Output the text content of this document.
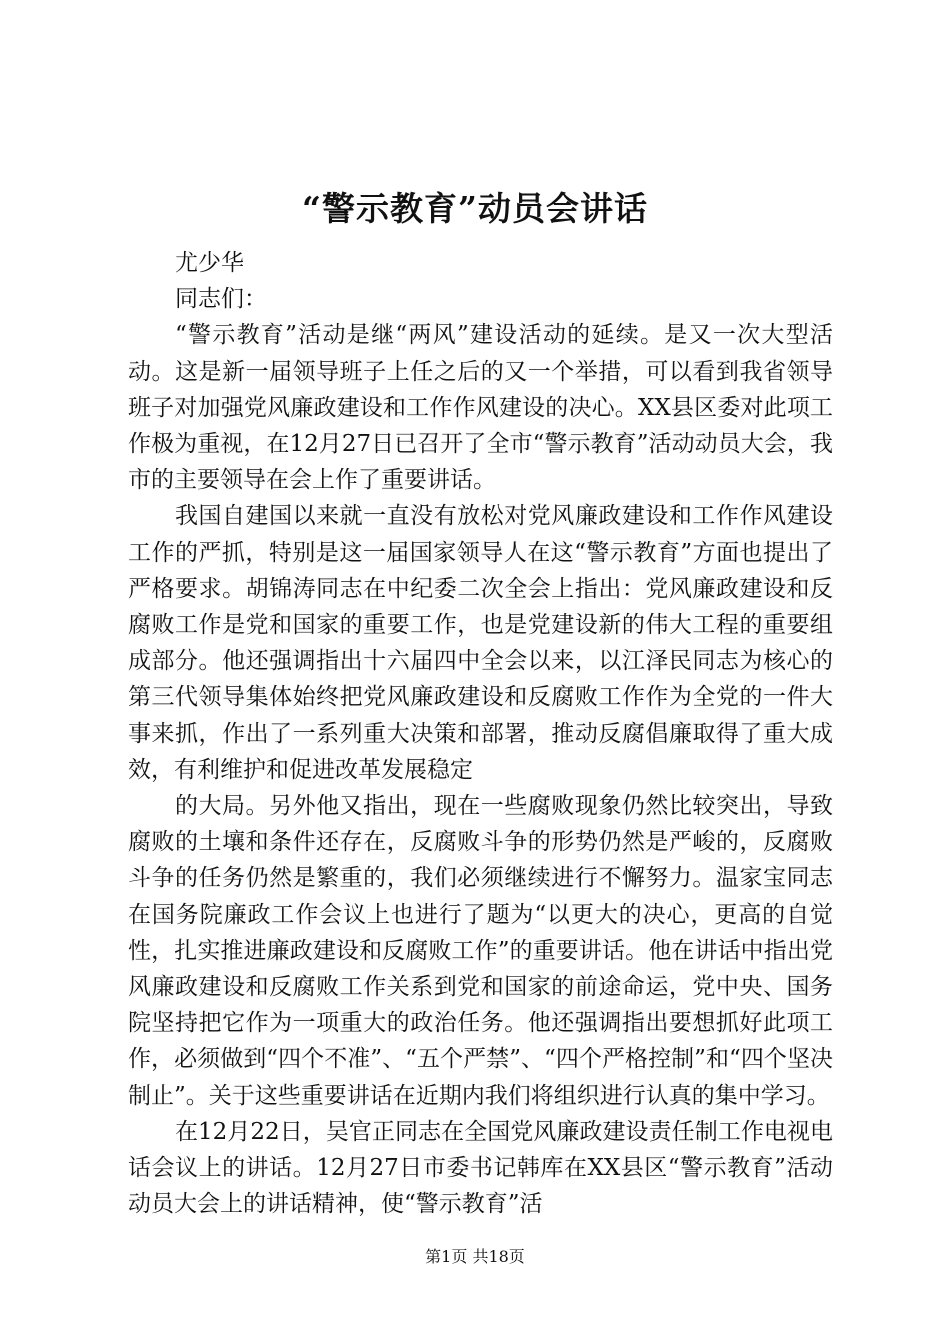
“警示教育”动员会讲话

尤少华

同志们：

“警示教育”活动是继“两风”建设活动的延续。是又一次大型活动。这是新一届领导班子上任之后的又一个举措，可以看到我省领导班子对加强党风廉政建设和工作作风建设的决心。XX县区委对此项工作极为重视，在12月27日已召开了全市“警示教育”活动动员大会，我市的主要领导在会上作了重要讲话。

我国自建国以来就一直没有放松对党风廉政建设和工作作风建设工作的严抓，特别是这一届国家领导人在这“警示教育”方面也提出了严格要求。胡锦涛同志在中纪委二次全会上指出：党风廉政建设和反腐败工作是党和国家的重要工作，也是党建设新的伟大工程的重要组成部分。他还强调指出十六届四中全会以来，以江泽民同志为核心的第三代领导集体始终把党风廉政建设和反腐败工作作为全党的一件大事来抓，作出了一系列重大决策和部署，推动反腐倡廉取得了重大成效，有利维护和促进改革发展稳定

的大局。另外他又指出，现在一些腐败现象仍然比较突出，导致腐败的土壤和条件还存在，反腐败斗争的形势仍然是严峻的，反腐败斗争的任务仍然是繁重的，我们必须继续进行不懈努力。温家宝同志在国务院廉政工作会议上也进行了题为“以更大的决心，更高的自觉性，扎实推进廉政建设和反腐败工作”的重要讲话。他在讲话中指出党风廉政建设和反腐败工作关系到党和国家的前途命运，党中央、国务院坚持把它作为一项重大的政治任务。他还强调指出要想抓好此项工作，必须做到“四个不准”、“五个严禁”、“四个严格控制”和“四个坚决制止”。关于这些重要讲话在近期内我们将组织进行认真的集中学习。

在12月22日，吴官正同志在全国党风廉政建设责任制工作电视电话会议上的讲话。12月27日市委书记韩库在XX县区“警示教育”活动动员大会上的讲话精神，使“警示教育”活

第1页 共18页
